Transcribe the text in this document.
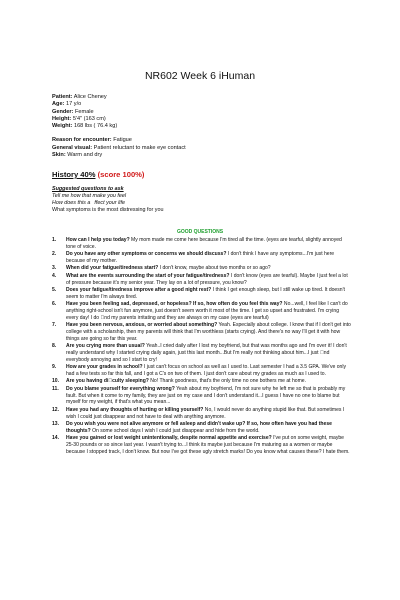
NR602 Week 6 iHuman
Patient: Alice Cheney
Age: 17 y/o
Gender: Female
Height: 5'4" (163 cm)
Weight: 168 lbs ( 76.4 kg)
Reason for encounter: Fatigue
General visual: Patient reluctant to make eye contact
Skin: Warm and dry
History 40% (score 100%)
Suggested questions to ask
Tell me how that make you feel
How does this a ffect your life
What symptoms is the most distressing for you
GOOD QUESTIONS
1.	How can I help you today? My mom made me come here because I'm tired all the time. (eyes are tearful, slightly annoyed tone of voice.
2.	Do you have any other symptoms or concerns we should discuss? I don't think I have any symptoms...I'm just here because of my mother.
3.	When did your fatigue/tiredness start? I don't know, maybe about two months or so ago?
4.	What are the events surrounding the start of your fatigue/tiredness? I don't know (eyes are tearful). Maybe I just feel a lot of pressure because it's my senior year. They lay on a lot of pressure, you know?
5.	Does your fatigue/tiredness improve after a good night rest? I think I get enough sleep, but I still wake up tired. It doesn't seem to matter I'm always tired.
6.	Have you been feeling sad, depressed, or hopeless? If so, how often do you feel this way? No...well, I feel like I can't do anything right-school isn't fun anymore, just doesn't seem worth it most of the time. I get so upset and frustrated. I'm crying every day! I do  nd my parents irritating and they are always on my case (eyes are tearful)
7.	Have you been nervous, anxious, or worried about something? Yeah. Especially about college. I know that if I don't get into college with a scholarship, then my parents will think that I'm worthless (starts crying). And there's no way I'll get it with how things are going so far this year.
8.	Are you crying more than usual? Yeah..I cried daily after I lost my boyfriend, but that was months ago and I'm over it! I don't really understand why I started crying daily again, just this last month...But I'm really not thinking about him...I just  nd everybody annoying and so I start to cry!
9.	How are your grades in school? I just can't focus on school as well as I used to. Last semester I had a 3.5 GPA. We've only had a few tests so far this fall, and I got a C's on two of them. I just don't care about my grades as much as I used to.
10.	Are you having di culty sleeping? No! Thank goodness, that's the only time no one bothers me at home.
11.	Do you blame yourself for everything wrong? Yeah about my boyfriend, I'm not sure why he left me so that is probably my fault. But when it come to my family, they are just on my case and I don't understand it...I guess I have no one to blame but myself for my weight, if that's what you mean...
12.	Have you had any thoughts of hurting or killing yourself? No, I would never do anything stupid like that. But sometimes I wish I could just disappear and not have to deal with anything anymore.
13.	Do you wish you were not alive anymore or fell asleep and didn't wake up? If so, how often have you had these thoughts? On some school days I wish I could just disappear and hide from the world.
14.	Have you gained or lost weight unintentionally, despite normal appetite and exercise? I've put on some weight, maybe 25-30 pounds or so since last year. I wasn't trying to...I think its maybe just because I'm maturing as a women or maybe because I stopped track, I don't know. But now I've got these ugly stretch marks! Do you know what causes these? I hate them.
